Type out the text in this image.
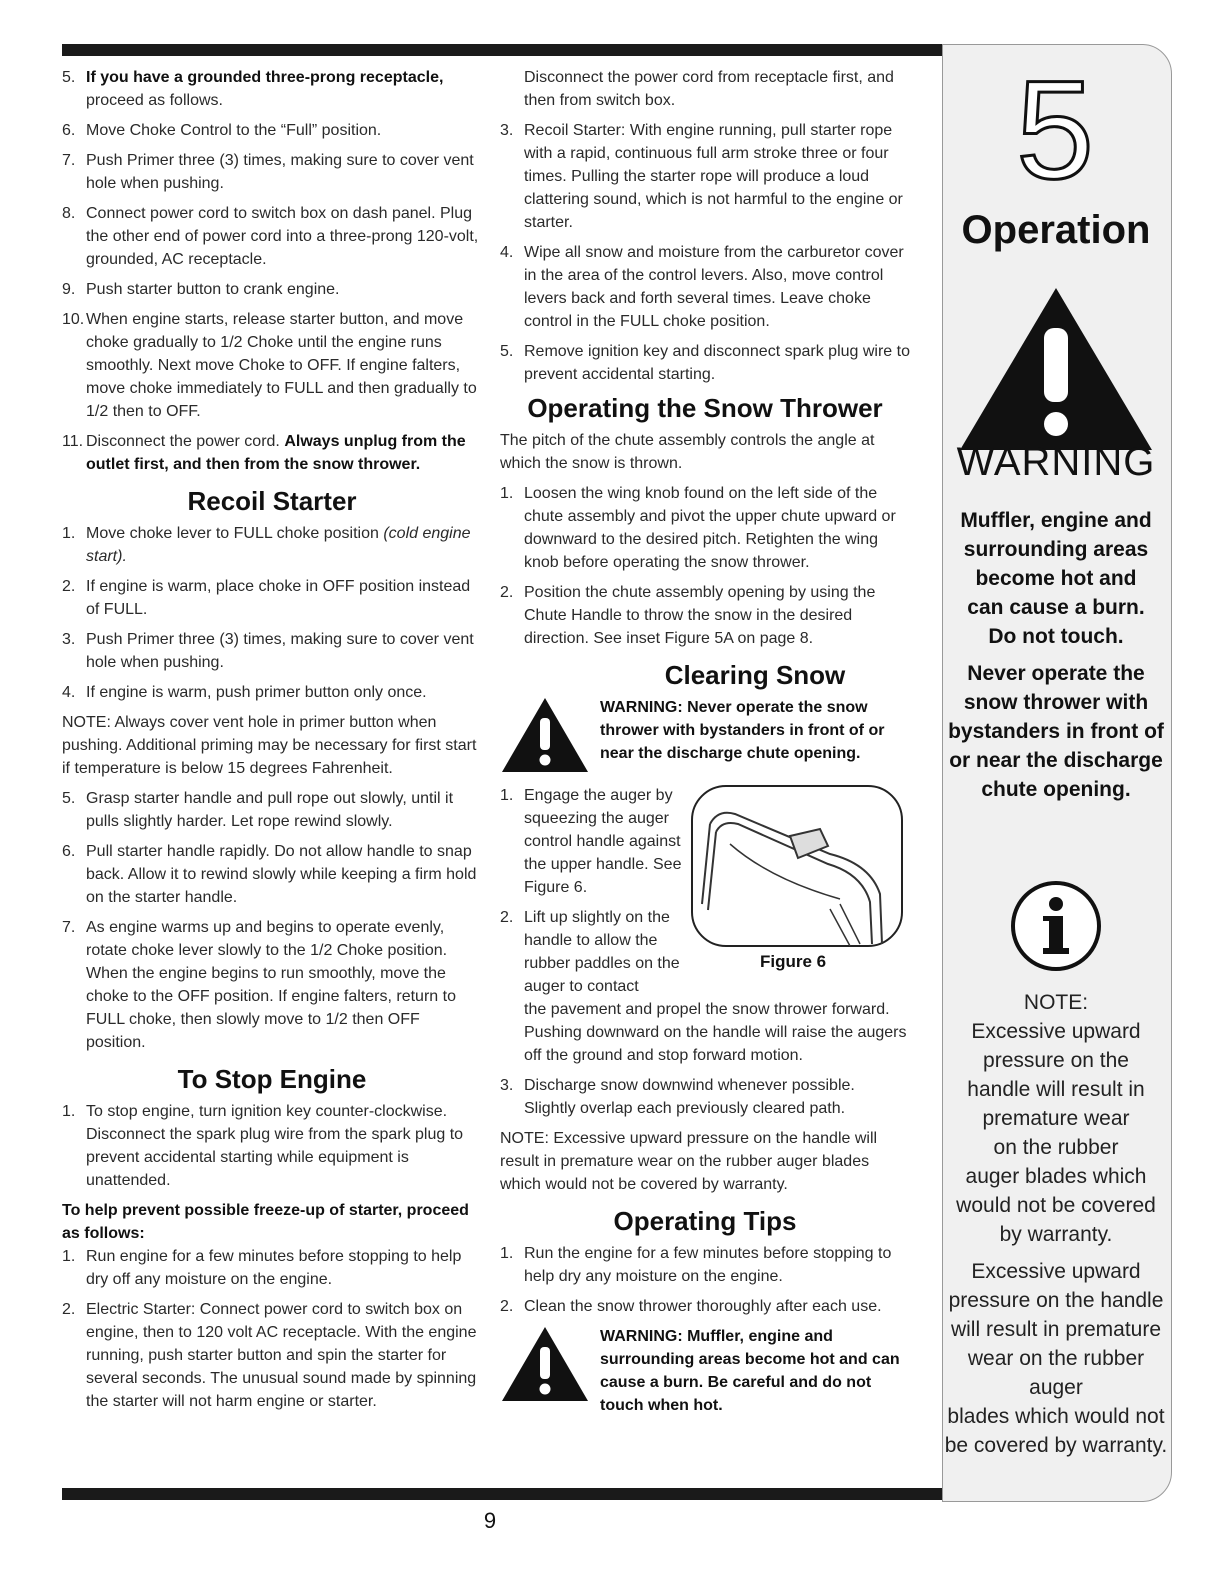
5. If you have a grounded three-prong receptacle,
proceed as follows.
6. Move Choke Control to the “Full” position.
7. Push Primer three (3) times, making sure to cover vent hole when pushing.
8. Connect power cord to switch box on dash panel. Plug the other end of power cord into a three-prong 120-volt, grounded, AC receptacle.
9. Push starter button to crank engine.
10. When engine starts, release starter button, and move choke gradually to 1/2 Choke until the engine runs smoothly. Next move Choke to OFF. If engine falters, move choke immediately to FULL and then gradually to 1/2 then to OFF.
11. Disconnect the power cord. Always unplug from the outlet first, and then from the snow thrower.
Recoil Starter
1. Move choke lever to FULL choke position (cold engine start).
2. If engine is warm, place choke in OFF position instead of FULL.
3. Push Primer three (3) times, making sure to cover vent hole when pushing.
4. If engine is warm, push primer button only once.
NOTE: Always cover vent hole in primer button when pushing. Additional priming may be necessary for first start if temperature is below 15 degrees Fahrenheit.
5. Grasp starter handle and pull rope out slowly, until it pulls slightly harder. Let rope rewind slowly.
6. Pull starter handle rapidly. Do not allow handle to snap back. Allow it to rewind slowly while keeping a firm hold on the starter handle.
7. As engine warms up and begins to operate evenly, rotate choke lever slowly to the 1/2 Choke position. When the engine begins to run smoothly, move the choke to the OFF position. If engine falters, return to FULL choke, then slowly move to 1/2 then OFF position.
To Stop Engine
1. To stop engine, turn ignition key counter-clockwise. Disconnect the spark plug wire from the spark plug to prevent accidental starting while equipment is unattended.
To help prevent possible freeze-up of starter, proceed as follows:
1. Run engine for a few minutes before stopping to help dry off any moisture on the engine.
2. Electric Starter: Connect power cord to switch box on engine, then to 120 volt AC receptacle. With the engine running, push starter button and spin the starter for several seconds. The unusual sound made by spinning the starter will not harm engine or starter.
Disconnect the power cord from receptacle first, and then from switch box.
3. Recoil Starter: With engine running, pull starter rope with a rapid, continuous full arm stroke three or four times. Pulling the starter rope will produce a loud clattering sound, which is not harmful to the engine or starter.
4. Wipe all snow and moisture from the carburetor cover in the area of the control levers. Also, move control levers back and forth several times. Leave choke control in the FULL choke position.
5. Remove ignition key and disconnect spark plug wire to prevent accidental starting.
Operating the Snow Thrower
The pitch of the chute assembly controls the angle at which the snow is thrown.
1. Loosen the wing knob found on the left side of the chute assembly and pivot the upper chute upward or downward to the desired pitch. Retighten the wing knob before operating the snow thrower.
2. Position the chute assembly opening by using the Chute Handle to throw the snow in the desired direction. See inset Figure 5A on page 8.
Clearing Snow
WARNING: Never operate the snow thrower with bystanders in front of or near the discharge chute opening.
1. Engage the auger by squeezing the auger control handle against the upper handle. See Figure 6.
2. Lift up slightly on the handle to allow the rubber paddles on the auger to contact
Figure 6
the pavement and propel the snow thrower forward. Pushing downward on the handle will raise the augers off the ground and stop forward motion.
3. Discharge snow downwind whenever possible. Slightly overlap each previously cleared path.
NOTE: Excessive upward pressure on the handle will result in premature wear on the rubber auger blades which would not be covered by warranty.
Operating Tips
1. Run the engine for a few minutes before stopping to help dry any moisture on the engine.
2. Clean the snow thrower thoroughly after each use.
WARNING: Muffler, engine and surrounding areas become hot and can cause a burn. Be careful and do not touch when hot.
5
Operation
WARNING
Muffler, engine and
surrounding areas
become hot and
can cause a burn.
Do not touch.
Never operate the
snow thrower with
bystanders in front of
or near the discharge
chute opening.
NOTE:
Excessive upward
pressure on the
handle will result in
premature wear
on the rubber
auger blades which
would not be covered
by warranty.
Excessive upward
pressure on the handle
will result in premature
wear on the rubber auger
blades which would not
be covered by warranty.
9
